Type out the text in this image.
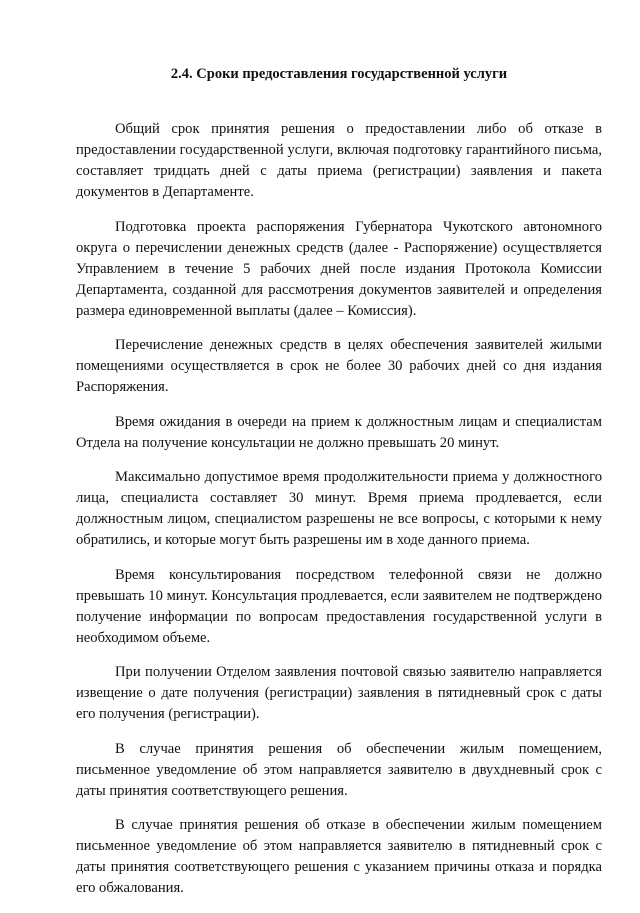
2.4. Сроки предоставления государственной услуги

Общий срок принятия решения о предоставлении либо об отказе в предоставлении государственной услуги, включая подготовку гарантийного письма, составляет тридцать дней с даты приема (регистрации) заявления и пакета документов в Департаменте.

Подготовка проекта распоряжения Губернатора Чукотского автономного округа о перечислении денежных средств (далее - Распоряжение) осуществляется Управлением в течение 5 рабочих дней после издания Протокола Комиссии Департамента, созданной для рассмотрения документов заявителей и определения размера единовременной выплаты (далее – Комиссия).

Перечисление денежных средств в целях обеспечения заявителей жилыми помещениями осуществляется в срок не более 30 рабочих дней со дня издания Распоряжения.

Время ожидания в очереди на прием к должностным лицам и специалистам Отдела на получение консультации не должно превышать 20 минут.

Максимально допустимое время продолжительности приема у должностного лица, специалиста составляет 30 минут. Время приема продлевается, если должностным лицом, специалистом разрешены не все вопросы, с которыми к нему обратились, и которые могут быть разрешены им в ходе данного приема.

Время консультирования посредством телефонной связи не должно превышать 10 минут. Консультация продлевается, если заявителем не подтверждено получение информации по вопросам предоставления государственной услуги в необходимом объеме.

При получении Отделом заявления почтовой связью заявителю направляется извещение о дате получения (регистрации) заявления в пятидневный срок с даты его получения (регистрации).

В случае принятия решения об обеспечении жилым помещением, письменное уведомление об этом направляется заявителю в двухдневный срок с даты принятия соответствующего решения.

В случае принятия решения об отказе в обеспечении жилым помещением письменное уведомление об этом направляется заявителю в пятидневный срок с даты принятия соответствующего решения с указанием причины отказа и порядка его обжалования.
